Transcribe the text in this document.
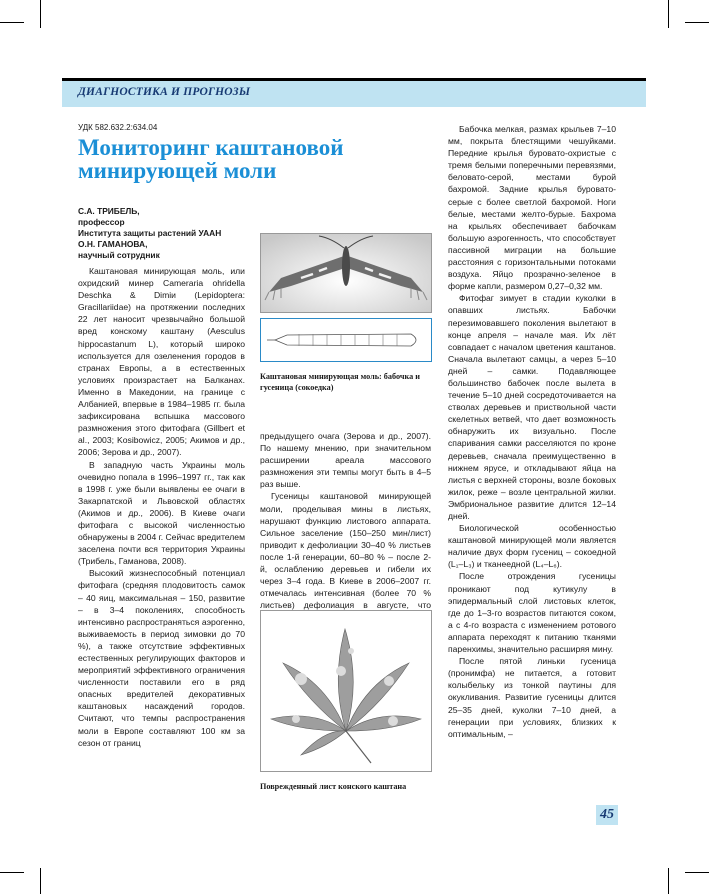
ДИАГНОСТИКА И ПРОГНОЗЫ
УДК 582.632.2:634.04
Мониторинг каштановой
минирующей моли
С.А. ТРИБЕЛЬ,
профессор
Института защиты растений УААН
О.Н. ГАМАНОВА,
научный сотрудник

Каштановая минирующая моль, или охридский минер Cameraria ohridella Deschka & Dimiи (Lepidoptera: Gracillariidae) на протяжении последних 22 лет наносит чрезвычайно большой вред конскому каштану (Aesculus hippocastanum L), который широко используется для озеленения городов в странах Европы, а в естественных условиях произрастает на Балканах. Именно в Македонии, на границе с Албанией, впервые в 1984–1985 гг. была зафиксирована вспышка массового размножения этого фитофага (Gillbert et al., 2003; Kosibowicz, 2005; Акимов и др., 2006; Зерова и др., 2007).

В западную часть Украины моль очевидно попала в 1996–1997 гг., так как в 1998 г. уже были выявлены ее очаги в Закарпатской и Львовской областях (Акимов и др., 2006). В Киеве очаги фитофага с высокой численностью обнаружены в 2004 г. Сейчас вредителем заселена почти вся территория Украины (Трибель, Гаманова, 2008).

Высокий жизнеспособный потенциал фитофага (средняя плодовитость самок – 40 яиц, максимальная – 150, развитие – в 3–4 поколениях, способность интенсивно распространяться аэрогенно, выживаемость в период зимовки до 70 %), а также отсутствие эффективных естественных регулирующих факторов и мероприятий эффективного ограничения численности поставили его в ряд опасных вредителей декоративных каштановых насаждений городов. Считают, что темпы распространения моли в Европе составляют 100 км за сезон от границ

Каштановая минирующая моль: бабочка и гусеница (сокоедка)

предыдущего очага (Зерова и др., 2007). По нашему мнению, при значительном расширении ареала массового размножения эти темпы могут быть в 4–5 раз выше.

Гусеницы каштановой минирующей моли, проделывая мины в листьях, нарушают функцию листового аппарата. Сильное заселение (150–250 мин/лист) приводит к дефолиации 30–40 % листьев после 1-й генерации, 60–80 % – после 2-й, ослаблению деревьев и гибели их через 3–4 года. В Киеве в 2006–2007 гг. отмечалась интенсивная (более 70 % листьев) дефолиация в августе, что

Поврежденный лист конского каштана

Бабочка мелкая, размах крыльев 7–10 мм, покрыта блестящими чешуйками. Передние крылья буровато-охристые с тремя белыми поперечными перевязями, беловато-серой, местами бурой бахромой. Задние крылья буровато-серые с более светлой бахромой. Ноги белые, местами желто-бурые. Бахрома на крыльях обеспечивает бабочкам большую аэрогенность, что способствует пассивной миграции на большие расстояния с горизонтальными потоками воздуха. Яйцо прозрачно-зеленое в форме капли, размером 0,27–0,32 мм.

Фитофаг зимует в стадии куколки в опавших листьях. Бабочки перезимовавшего поколения вылетают в конце апреля – начале мая. Их лёт совпадает с началом цветения каштанов. Сначала вылетают самцы, а через 5–10 дней – самки. Подавляющее большинство бабочек после вылета в течение 5–10 дней сосредоточивается на стволах деревьев и приствольной части скелетных ветвей, что дает возможность обнаружить их визуально. После спаривания самки расселяются по кроне деревьев, сначала преимущественно в нижнем ярусе, и откладывают яйца на листья с верхней стороны, возле боковых жилок, реже – возле центральной жилки. Эмбриональное развитие длится 12–14 дней.

Биологической особенностью каштановой минирующей моли является наличие двух форм гусениц – сокоедной (L₁–L₃) и тканеедной (L₄–L₆).

После отрождения гусеницы проникают под кутикулу в эпидермальный слой листовых клеток, где до 1–3-го возрастов питаются соком, а с 4-го возраста с изменением ротового аппарата переходят к питанию тканями паренхимы, значительно расширяя мину.

После пятой линьки гусеница (пронимфа) не питается, а готовит колыбельку из тонкой паутины для окукливания. Развитие гусеницы длится 25–35 дней, куколки 7–10 дней, а генерации при условиях, близких к оптимальным, –

45
